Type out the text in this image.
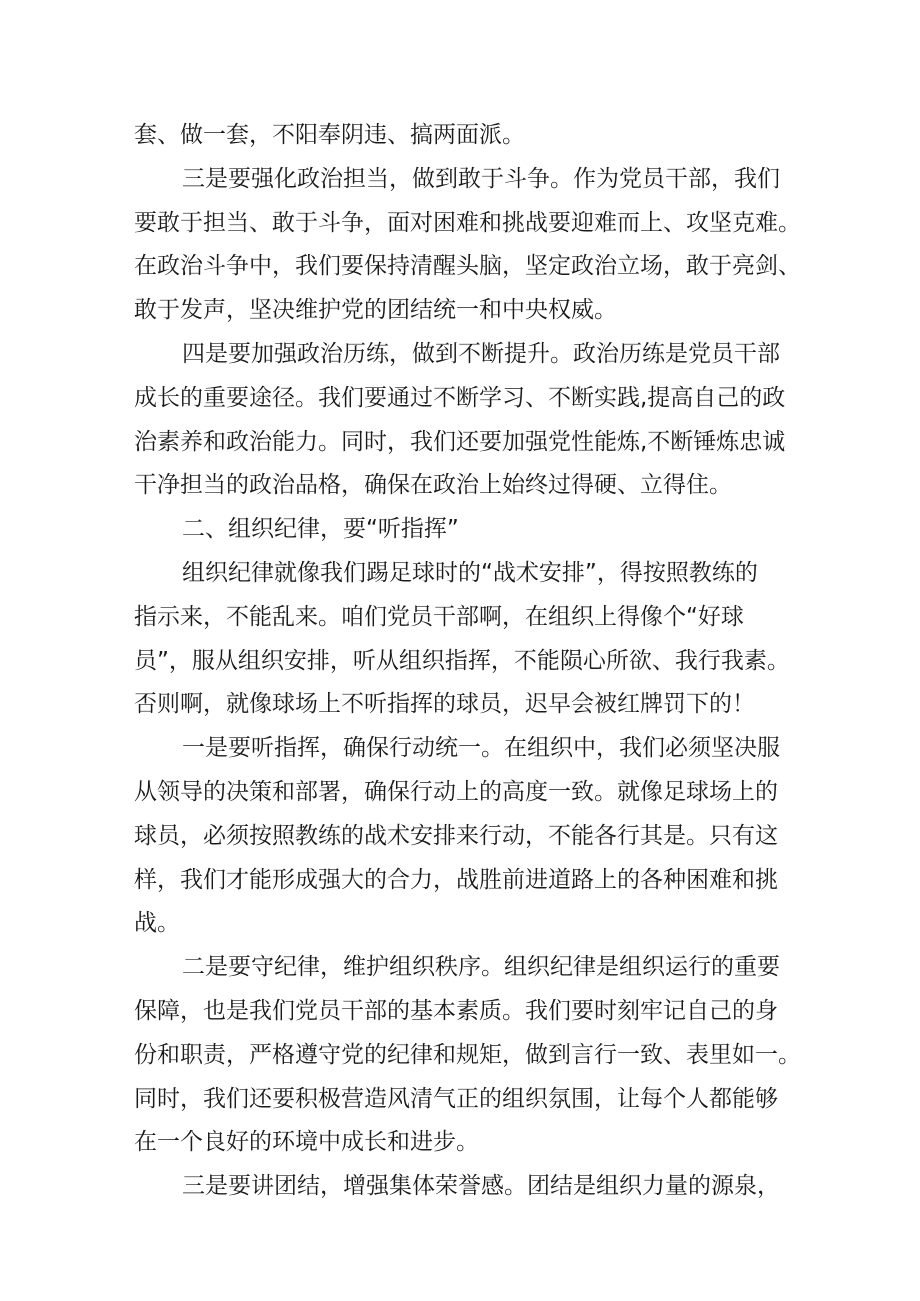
套、做一套，不阳奉阴违、搞两面派。
三是要强化政治担当，做到敢于斗争。作为党员干部，我们
要敢于担当、敢于斗争，面对困难和挑战要迎难而上、攻坚克难。
在政治斗争中，我们要保持清醒头脑，坚定政治立场，敢于亮剑、
敢于发声，坚决维护党的团结统一和中央权威。
四是要加强政治历练，做到不断提升。政治历练是党员干部
成长的重要途径。我们要通过不断学习、不断实践,提高自己的政
治素养和政治能力。同时，我们还要加强党性能炼,不断锤炼忠诚
干净担当的政治品格，确保在政治上始终过得硬、立得住。
二、组织纪律，要“听指挥”
组织纪律就像我们踢足球时的“战术安排”，得按照教练的
指示来，不能乱来。咱们党员干部啊，在组织上得像个“好球
员”，服从组织安排，听从组织指挥，不能陨心所欲、我行我素。
否则啊，就像球场上不听指挥的球员，迟早会被红牌罚下的！
一是要听指挥，确保行动统一。在组织中，我们必须坚决服
从领导的决策和部署，确保行动上的高度一致。就像足球场上的
球员，必须按照教练的战术安排来行动，不能各行其是。只有这
样，我们才能形成强大的合力，战胜前进道路上的各种困难和挑
战。
二是要守纪律，维护组织秩序。组织纪律是组织运行的重要
保障，也是我们党员干部的基本素质。我们要时刻牢记自己的身
份和职责，严格遵守党的纪律和规矩，做到言行一致、表里如一。
同时，我们还要积极营造风清气正的组织氛围，让每个人都能够
在一个良好的环境中成长和进步。
三是要讲团结，增强集体荣誉感。团结是组织力量的源泉，
